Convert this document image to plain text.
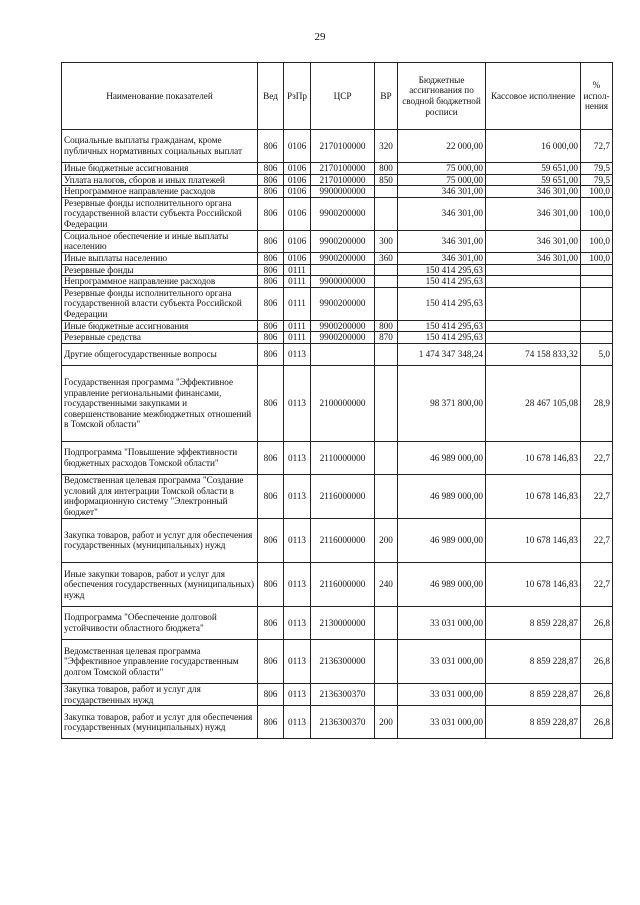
29
Наименование показателей	Вед	РзПр	ЦСР	ВР	Бюджетные ассигнования по сводной бюджетной росписи	Кассовое исполнение	% испол-нения
Социальные выплаты гражданам, кроме публичных нормативных социальных выплат	806	0106	2170100000	320	22 000,00	16 000,00	72,7
Иные бюджетные ассигнования	806	0106	2170100000	800	75 000,00	59 651,00	79,5
Уплата налогов, сборов и иных платежей	806	0106	2170100000	850	75 000,00	59 651,00	79,5
Непрограммное направление расходов	806	0106	9900000000		346 301,00	346 301,00	100,0
Резервные фонды исполнительного органа государственной власти субъекта Российской Федерации	806	0106	9900200000		346 301,00	346 301,00	100,0
Социальное обеспечение и иные выплаты населению	806	0106	9900200000	300	346 301,00	346 301,00	100,0
Иные выплаты населению	806	0106	9900200000	360	346 301,00	346 301,00	100,0
Резервные фонды	806	0111			150 414 295,63		
Непрограммное направление расходов	806	0111	9900000000		150 414 295,63		
Резервные фонды исполнительного органа государственной власти субъекта Российской Федерации	806	0111	9900200000		150 414 295,63		
Иные бюджетные ассигнования	806	0111	9900200000	800	150 414 295,63		
Резервные средства	806	0111	9900200000	870	150 414 295,63		
Другие общегосударственные вопросы	806	0113			1 474 347 348,24	74 158 833,32	5,0
Государственная программа "Эффективное управление региональными финансами, государственными закупками и совершенствование межбюджетных отношений в Томской области"	806	0113	2100000000		98 371 800,00	28 467 105,08	28,9
Подпрограмма "Повышение эффективности бюджетных расходов Томской области"	806	0113	2110000000		46 989 000,00	10 678 146,83	22,7
Ведомственная целевая программа "Создание условий для интеграции Томской области в информационную систему "Электронный бюджет"	806	0113	2116000000		46 989 000,00	10 678 146,83	22,7
Закупка товаров, работ и услуг для обеспечения государственных (муниципальных) нужд	806	0113	2116000000	200	46 989 000,00	10 678 146,83	22,7
Иные закупки товаров, работ и услуг для обеспечения государственных (муниципальных) нужд	806	0113	2116000000	240	46 989 000,00	10 678 146,83	22,7
Подпрограмма "Обеспечение долговой устойчивости областного бюджета"	806	0113	2130000000		33 031 000,00	8 859 228,87	26,8
Ведомственная целевая программа "Эффективное управление государственным долгом Томской области"	806	0113	2136300000		33 031 000,00	8 859 228,87	26,8
Закупка товаров, работ и услуг для государственных нужд	806	0113	2136300370		33 031 000,00	8 859 228,87	26,8
Закупка товаров, работ и услуг для обеспечения государственных (муниципальных) нужд	806	0113	2136300370	200	33 031 000,00	8 859 228,87	26,8
